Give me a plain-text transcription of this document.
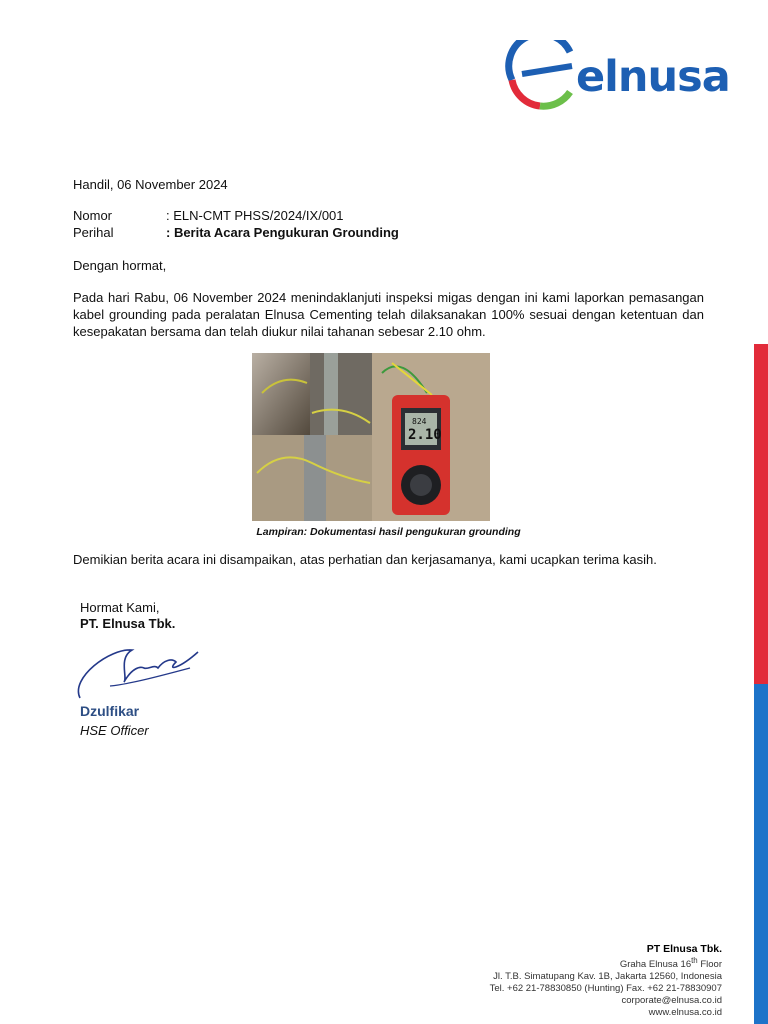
elnusa
Handil, 06 November 2024
Nomor	: ELN-CMT PHSS/2024/IX/001
Perihal	: Berita Acara Pengukuran Grounding
Dengan hormat,
Pada hari Rabu, 06 November 2024 menindaklanjuti inspeksi migas dengan ini kami laporkan pemasangan kabel grounding pada peralatan Elnusa Cementing telah dilaksanakan 100% sesuai dengan ketentuan dan kesepakatan bersama dan telah diukur nilai tahanan sebesar 2.10 ohm.
824
2.10
Lampiran: Dokumentasi hasil pengukuran grounding
Demikian berita acara ini disampaikan, atas perhatian dan kerjasamanya, kami ucapkan terima kasih.
Hormat Kami,
PT. Elnusa Tbk.
Dzulfikar
HSE Officer
PT Elnusa Tbk.
Graha Elnusa 16th Floor
Jl. T.B. Simatupang Kav. 1B, Jakarta 12560, Indonesia
Tel. +62 21-78830850 (Hunting) Fax. +62 21-78830907
corporate@elnusa.co.id
www.elnusa.co.id
